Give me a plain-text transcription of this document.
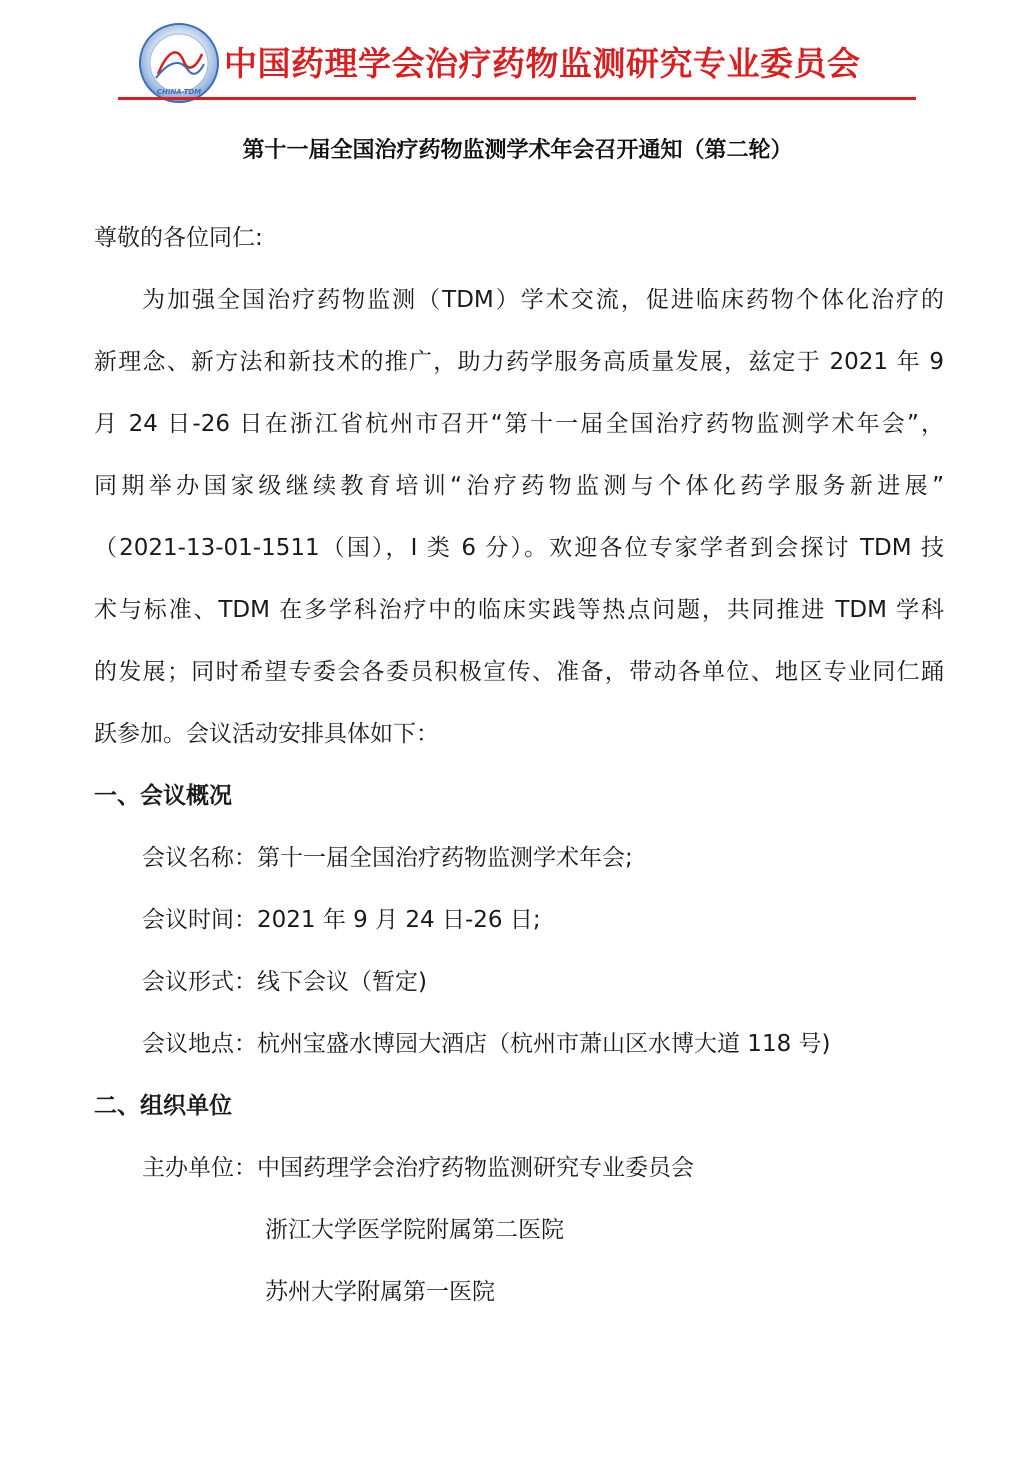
CHINA-TDM
中国药理学会治疗药物监测研究专业委员会
第十一届全国治疗药物监测学术年会召开通知（第二轮）
尊敬的各位同仁:
为加强全国治疗药物监测（TDM）学术交流，促进临床药物个体化治疗的
新理念、新方法和新技术的推广，助力药学服务高质量发展，兹定于 2021 年 9
月 24 日-26 日在浙江省杭州市召开“第十一届全国治疗药物监测学术年会”，
同期举办国家级继续教育培训“治疗药物监测与个体化药学服务新进展”
（2021-13-01-1511（国），I 类 6 分）。欢迎各位专家学者到会探讨 TDM 技
术与标准、TDM 在多学科治疗中的临床实践等热点问题，共同推进 TDM 学科
的发展；同时希望专委会各委员积极宣传、准备，带动各单位、地区专业同仁踊
跃参加。会议活动安排具体如下：
一、会议概况
会议名称：第十一届全国治疗药物监测学术年会;
会议时间：2021 年 9 月 24 日-26 日;
会议形式：线下会议（暂定)
会议地点：杭州宝盛水博园大酒店（杭州市萧山区水博大道 118 号)
二、组织单位
主办单位：中国药理学会治疗药物监测研究专业委员会
浙江大学医学院附属第二医院
苏州大学附属第一医院
